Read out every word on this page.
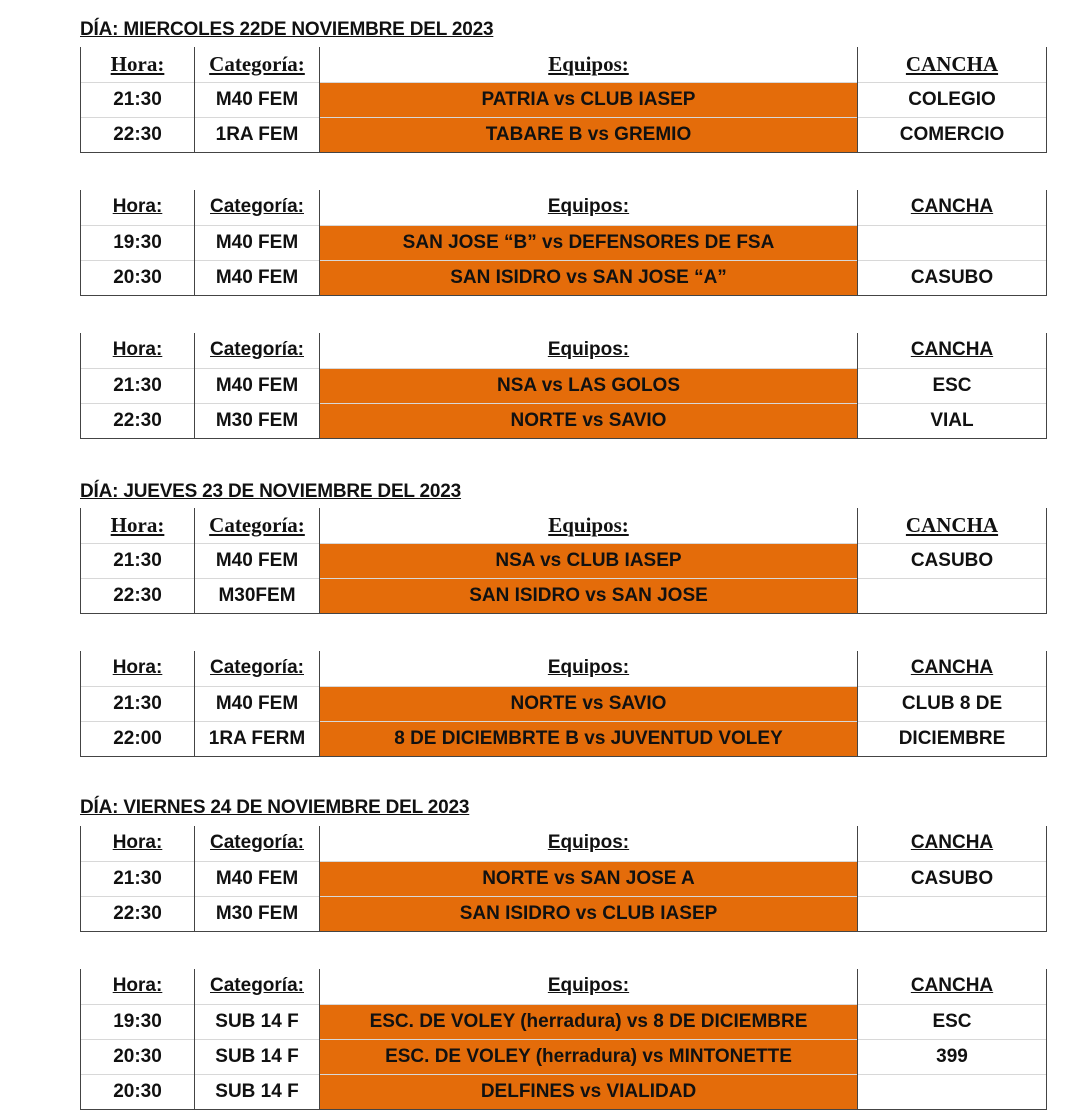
DÍA: MIERCOLES 22DE NOVIEMBRE DEL 2023
Hora:	Categoría:	Equipos:	CANCHA
21:30	M40 FEM	PATRIA vs CLUB IASEP	COLEGIO
22:30	1RA FEM	TABARE B vs GREMIO	COMERCIO
Hora:	Categoría:	Equipos:	CANCHA
19:30	M40 FEM	SAN JOSE “B” vs DEFENSORES DE FSA	
20:30	M40 FEM	SAN ISIDRO vs SAN JOSE “A”	CASUBO
Hora:	Categoría:	Equipos:	CANCHA
21:30	M40 FEM	NSA vs LAS GOLOS	ESC
22:30	M30 FEM	NORTE vs SAVIO	VIAL
DÍA: JUEVES 23 DE NOVIEMBRE DEL 2023
Hora:	Categoría:	Equipos:	CANCHA
21:30	M40 FEM	NSA vs CLUB IASEP	CASUBO
22:30	M30FEM	SAN ISIDRO vs SAN JOSE	
Hora:	Categoría:	Equipos:	CANCHA
21:30	M40 FEM	NORTE vs SAVIO	CLUB 8 DE
22:00	1RA FERM	8 DE DICIEMBRTE B vs JUVENTUD VOLEY	DICIEMBRE
DÍA: VIERNES 24 DE NOVIEMBRE DEL 2023
Hora:	Categoría:	Equipos:	CANCHA
21:30	M40 FEM	NORTE vs SAN JOSE A	CASUBO
22:30	M30 FEM	SAN ISIDRO vs CLUB IASEP	
Hora:	Categoría:	Equipos:	CANCHA
19:30	SUB 14 F	ESC. DE VOLEY (herradura) vs 8 DE DICIEMBRE	ESC
20:30	SUB 14 F	ESC. DE VOLEY (herradura) vs MINTONETTE	399
20:30	SUB 14 F	DELFINES vs VIALIDAD	
